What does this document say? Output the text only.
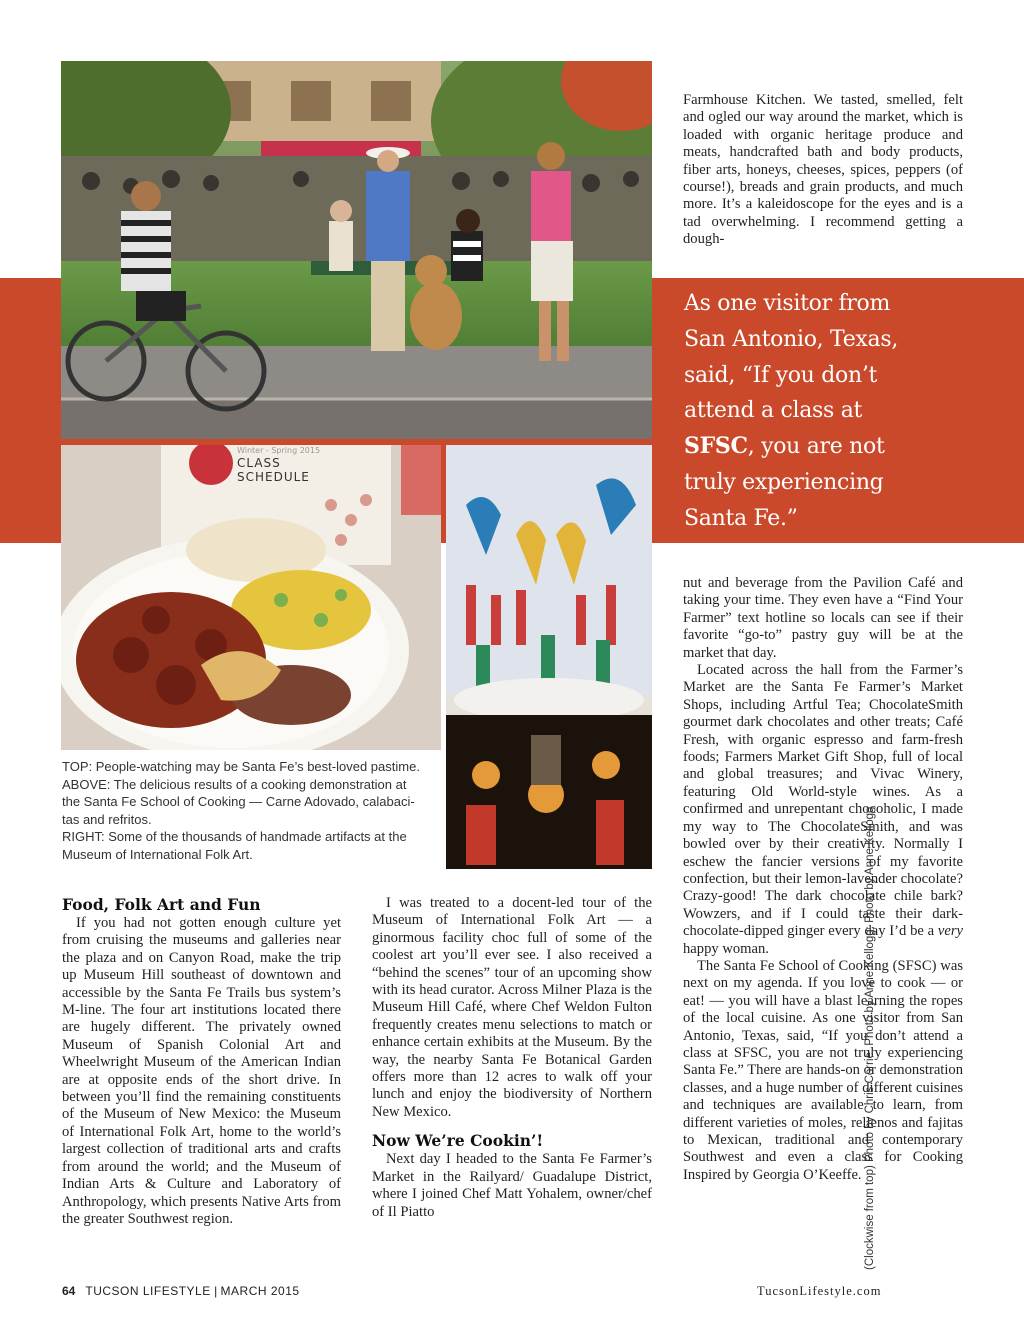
Winter - Spring 2015
CLASS
SCHEDULE
TOP: People-watching may be Santa Fe’s best-loved pastime.
ABOVE: The delicious results of a cooking demonstration at
the Santa Fe School of Cooking — Carne Adovado, calabaci-
tas and refritos.
RIGHT: Some of the thousands of handmade artifacts at the
Museum of International Folk Art.

Farmhouse Kitchen. We tasted, smelled, felt and ogled our way around the market, which is loaded with organic heritage produce and meats, handcrafted bath and body products, fiber arts, honeys, cheeses, spices, peppers (of course!), breads and grain products, and much more. It’s a kaleidoscope for the eyes and is a tad overwhelming. I recommend getting a dough-

As one visitor from
San Antonio, Texas,
said, “If you don’t
attend a class at
SFSC, you are not
truly experiencing
Santa Fe.”
Food, Folk Art and Fun

If you had not gotten enough culture yet from cruising the museums and galleries near the plaza and on Canyon Road, make the trip up Museum Hill southeast of downtown and accessible by the Santa Fe Trails bus system’s M-line. The four art institutions located there are hugely different. The privately owned Museum of Spanish Colonial Art and Wheelwright Museum of the American Indian are at opposite ends of the short drive. In between you’ll find the remaining constituents of the Museum of New Mexico: the Museum of International Folk Art, home to the world’s largest collection of traditional arts and crafts from around the world; and the Museum of Indian Arts & Culture and Laboratory of Anthropology, which presents Native Arts from the greater Southwest region.

I was treated to a docent-led tour of the Museum of International Folk Art — a ginormous facility choc full of some of the coolest art you’ll ever see. I also received a “behind the scenes” tour of an upcoming show with its head curator. Across Milner Plaza is the Museum Hill Café, where Chef Weldon Fulton frequently creates menu selections to match or enhance certain exhibits at the Museum. By the way, the nearby Santa Fe Botanical Garden offers more than 12 acres to walk off your lunch and enjoy the biodiversity of Northern New Mexico.

Now We’re Cookin’!

Next day I headed to the Santa Fe Farmer’s Market in the Railyard/ Guadalupe District, where I joined Chef Matt Yohalem, owner/chef of Il Piatto

nut and beverage from the Pavilion Café and taking your time. They even have a “Find Your Farmer” text hotline so locals can see if their favorite “go-to” pastry guy will be at the market that day.

Located across the hall from the Farmer’s Market are the Santa Fe Farmer’s Market Shops, including Artful Tea; ChocolateSmith gourmet dark chocolates and other treats; Café Fresh, with organic espresso and farm-fresh foods; Farmers Market Gift Shop, full of local and global treasures; and Vivac Winery, featuring Old World-style wines. As a confirmed and unrepentant chocoholic, I made my way to The ChocolateSmith, and was bowled over by their creativity. Normally I eschew the fancier versions of my favorite confection, but their lemon-lavender chocolate? Crazy-good! The dark chocolate chile bark? Wowzers, and if I could taste their dark-chocolate-dipped ginger every day I’d be a very happy woman.

The Santa Fe School of Cooking (SFSC) was next on my agenda. If you love to cook — or eat! — you will have a blast learning the ropes of the local cuisine. As one visitor from San Antonio, Texas, said, “If you don’t attend a class at SFSC, you are not truly experiencing Santa Fe.” There are hands-on or demonstration classes, and a huge number of different cuisines and techniques are available to learn, from different varieties of moles, rellenos and fajitas to Mexican, traditional and contemporary Southwest and even a class for Cooking Inspired by Georgia O’Keeffe. (Clockwise from top) Photo by Chris Corrie; Photo by Anne Kellogg; Photo by Anne Kellogg
64 TUCSON LIFESTYLE | MARCH 2015	TucsonLifestyle.com
